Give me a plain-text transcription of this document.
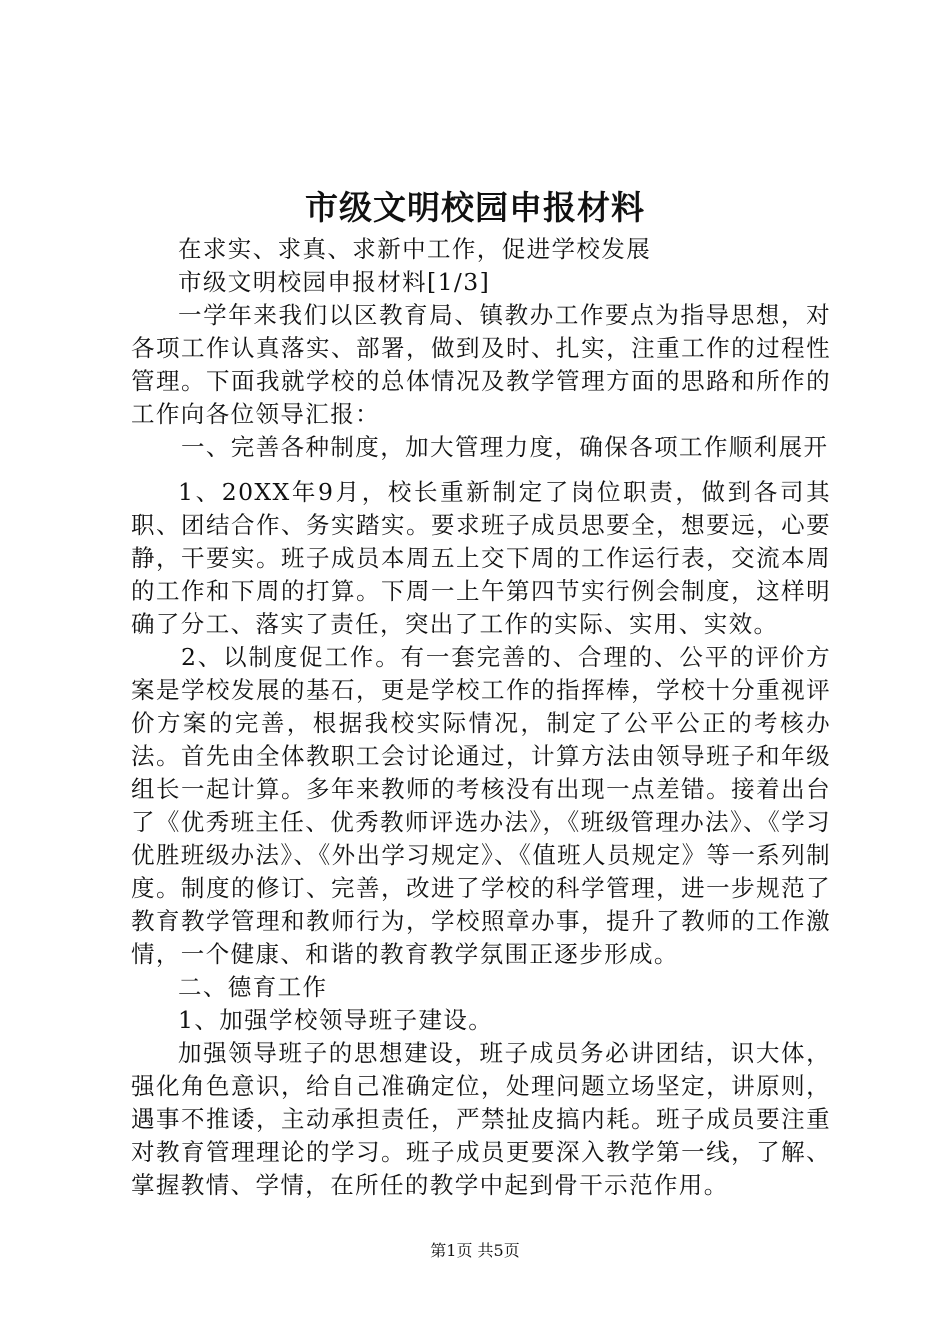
市级文明校园申报材料

在求实、求真、求新中工作，促进学校发展

市级文明校园申报材料[1/3]

一学年来我们以区教育局、镇教办工作要点为指导思想，对各项工作认真落实、部署，做到及时、扎实，注重工作的过程性管理。下面我就学校的总体情况及教学管理方面的思路和所作的工作向各位领导汇报：

一、完善各种制度，加大管理力度，确保各项工作顺利展开

1、20XX年9月，校长重新制定了岗位职责，做到各司其职、团结合作、务实踏实。要求班子成员思要全，想要远，心要静，干要实。班子成员本周五上交下周的工作运行表，交流本周的工作和下周的打算。下周一上午第四节实行例会制度，这样明确了分工、落实了责任，突出了工作的实际、实用、实效。

2、以制度促工作。有一套完善的、合理的、公平的评价方案是学校发展的基石，更是学校工作的指挥棒，学校十分重视评价方案的完善，根据我校实际情况，制定了公平公正的考核办法。首先由全体教职工会讨论通过，计算方法由领导班子和年级组长一起计算。多年来教师的考核没有出现一点差错。接着出台了《优秀班主任、优秀教师评选办法》，《班级管理办法》、《学习优胜班级办法》、《外出学习规定》、《值班人员规定》等一系列制度。制度的修订、完善，改进了学校的科学管理，进一步规范了教育教学管理和教师行为，学校照章办事，提升了教师的工作激情，一个健康、和谐的教育教学氛围正逐步形成。

二、德育工作

1、加强学校领导班子建设。

加强领导班子的思想建设，班子成员务必讲团结，识大体，强化角色意识，给自己准确定位，处理问题立场坚定，讲原则，遇事不推诿，主动承担责任，严禁扯皮搞内耗。班子成员要注重对教育管理理论的学习。班子成员更要深入教学第一线，了解、掌握教情、学情，在所任的教学中起到骨干示范作用。

第1页 共5页
